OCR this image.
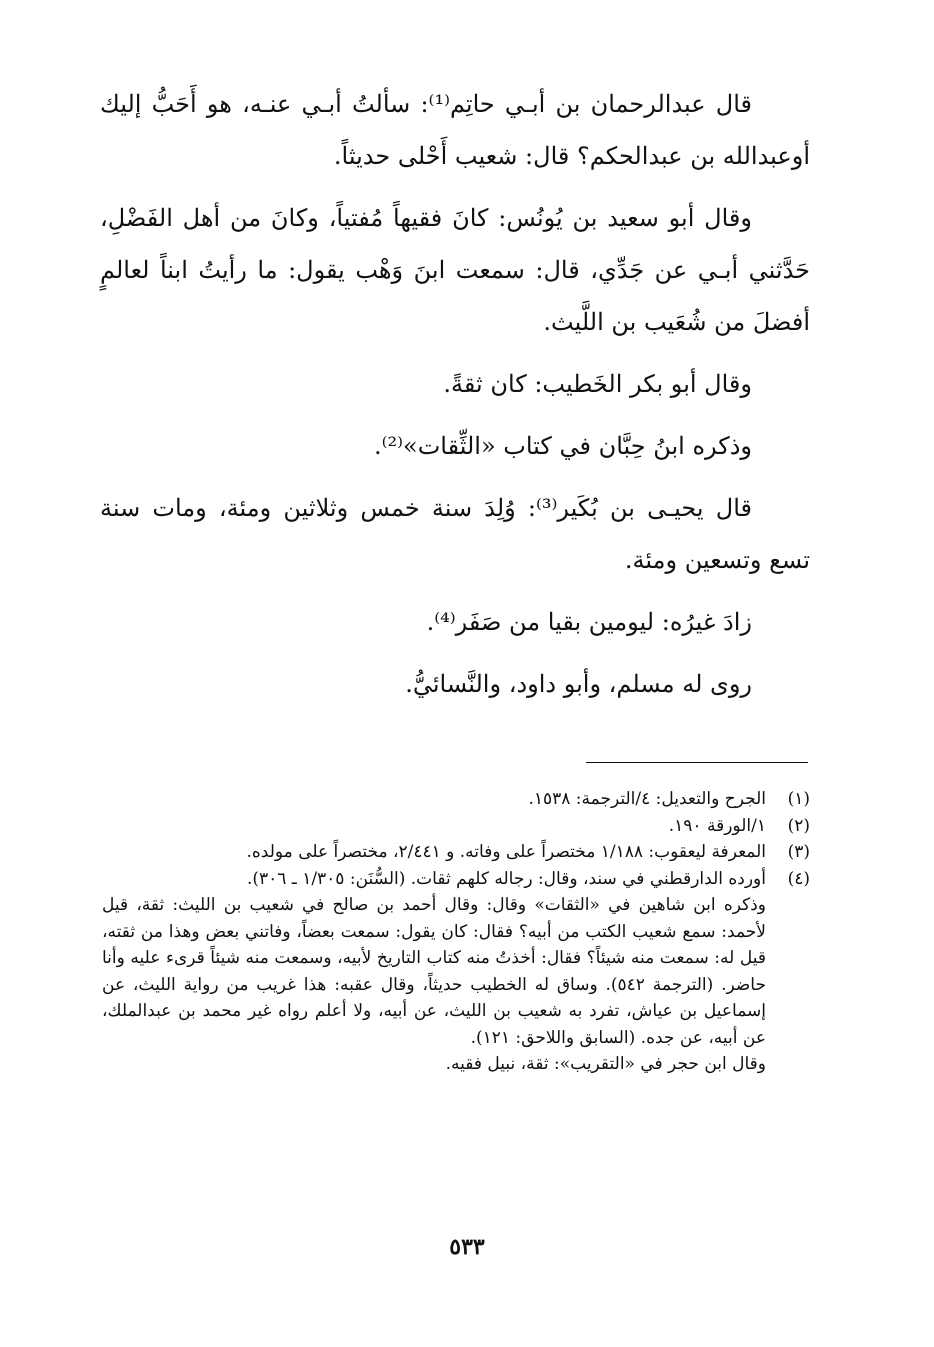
قال عبدالرحمان بن أبـي حاتِم⁽¹⁾: سألتُ أبـي عنـه، هو أَحَبُّ إليك أوعبدالله بن عبدالحكم؟ قال: شعيب أَحْلى حديثاً.

وقال أبو سعيد بن يُونُس: كانَ فقيهاً مُفتياً، وكانَ من أهل الفَضْلِ، حَدَّثني أبـي عن جَدِّي، قال: سمعت ابنَ وَهْب يقول: ما رأيتُ ابناً لعالمٍ أفضلَ من شُعَيب بن اللَّيث.

وقال أبو بكر الخَطيب: كان ثقةً.

وذكره ابنُ حِبَّان في كتاب «الثِّقات»⁽²⁾.

قال يحيـى بن بُكَير⁽³⁾: وُلِدَ سنة خمس وثلاثين ومئة، ومات سنة تسع وتسعين ومئة.

زادَ غيرُه: ليومين بقيا من صَفَر⁽⁴⁾.

روى له مسلم، وأبو داود، والنَّسائيُّ.

(١)
الجرح والتعديل: ٤/الترجمة: ١٥٣٨.
(٢)
١/الورقة ١٩٠.
(٣)
المعرفة ليعقوب: ١/١٨٨ مختصراً على وفاته. و ٢/٤٤١، مختصراً على مولده.
(٤)
أورده الدارقطني في سند، وقال: رجاله كلهم ثقات. (السُّنَن: ١/٣٠٥ ـ ٣٠٦).

وذكره ابن شاهين في «الثقات» وقال: وقال أحمد بن صالح في شعيب بن الليث: ثقة، قيل لأحمد: سمع شعيب الكتب من أبيه؟ فقال: كان يقول: سمعت بعضاً، وفاتني بعض وهذا من ثقته، قيل له: سمعت منه شيئاً؟ فقال: أخذتُ منه كتاب التاريخ لأبيه، وسمعت منه شيئاً قرىء عليه وأنا حاضر. (الترجمة ٥٤٢). وساق له الخطيب حديثاً، وقال عقبه: هذا غريب من رواية الليث، عن إسماعيل بن عياش، تفرد به شعيب بن الليث، عن أبيه، ولا أعلم رواه غير محمد بن عبدالملك، عن أبيه، عن جده. (السابق واللاحق: ١٢١).

وقال ابن حجر في «التقريب»: ثقة، نبيل فقيه.

٥٣٣
